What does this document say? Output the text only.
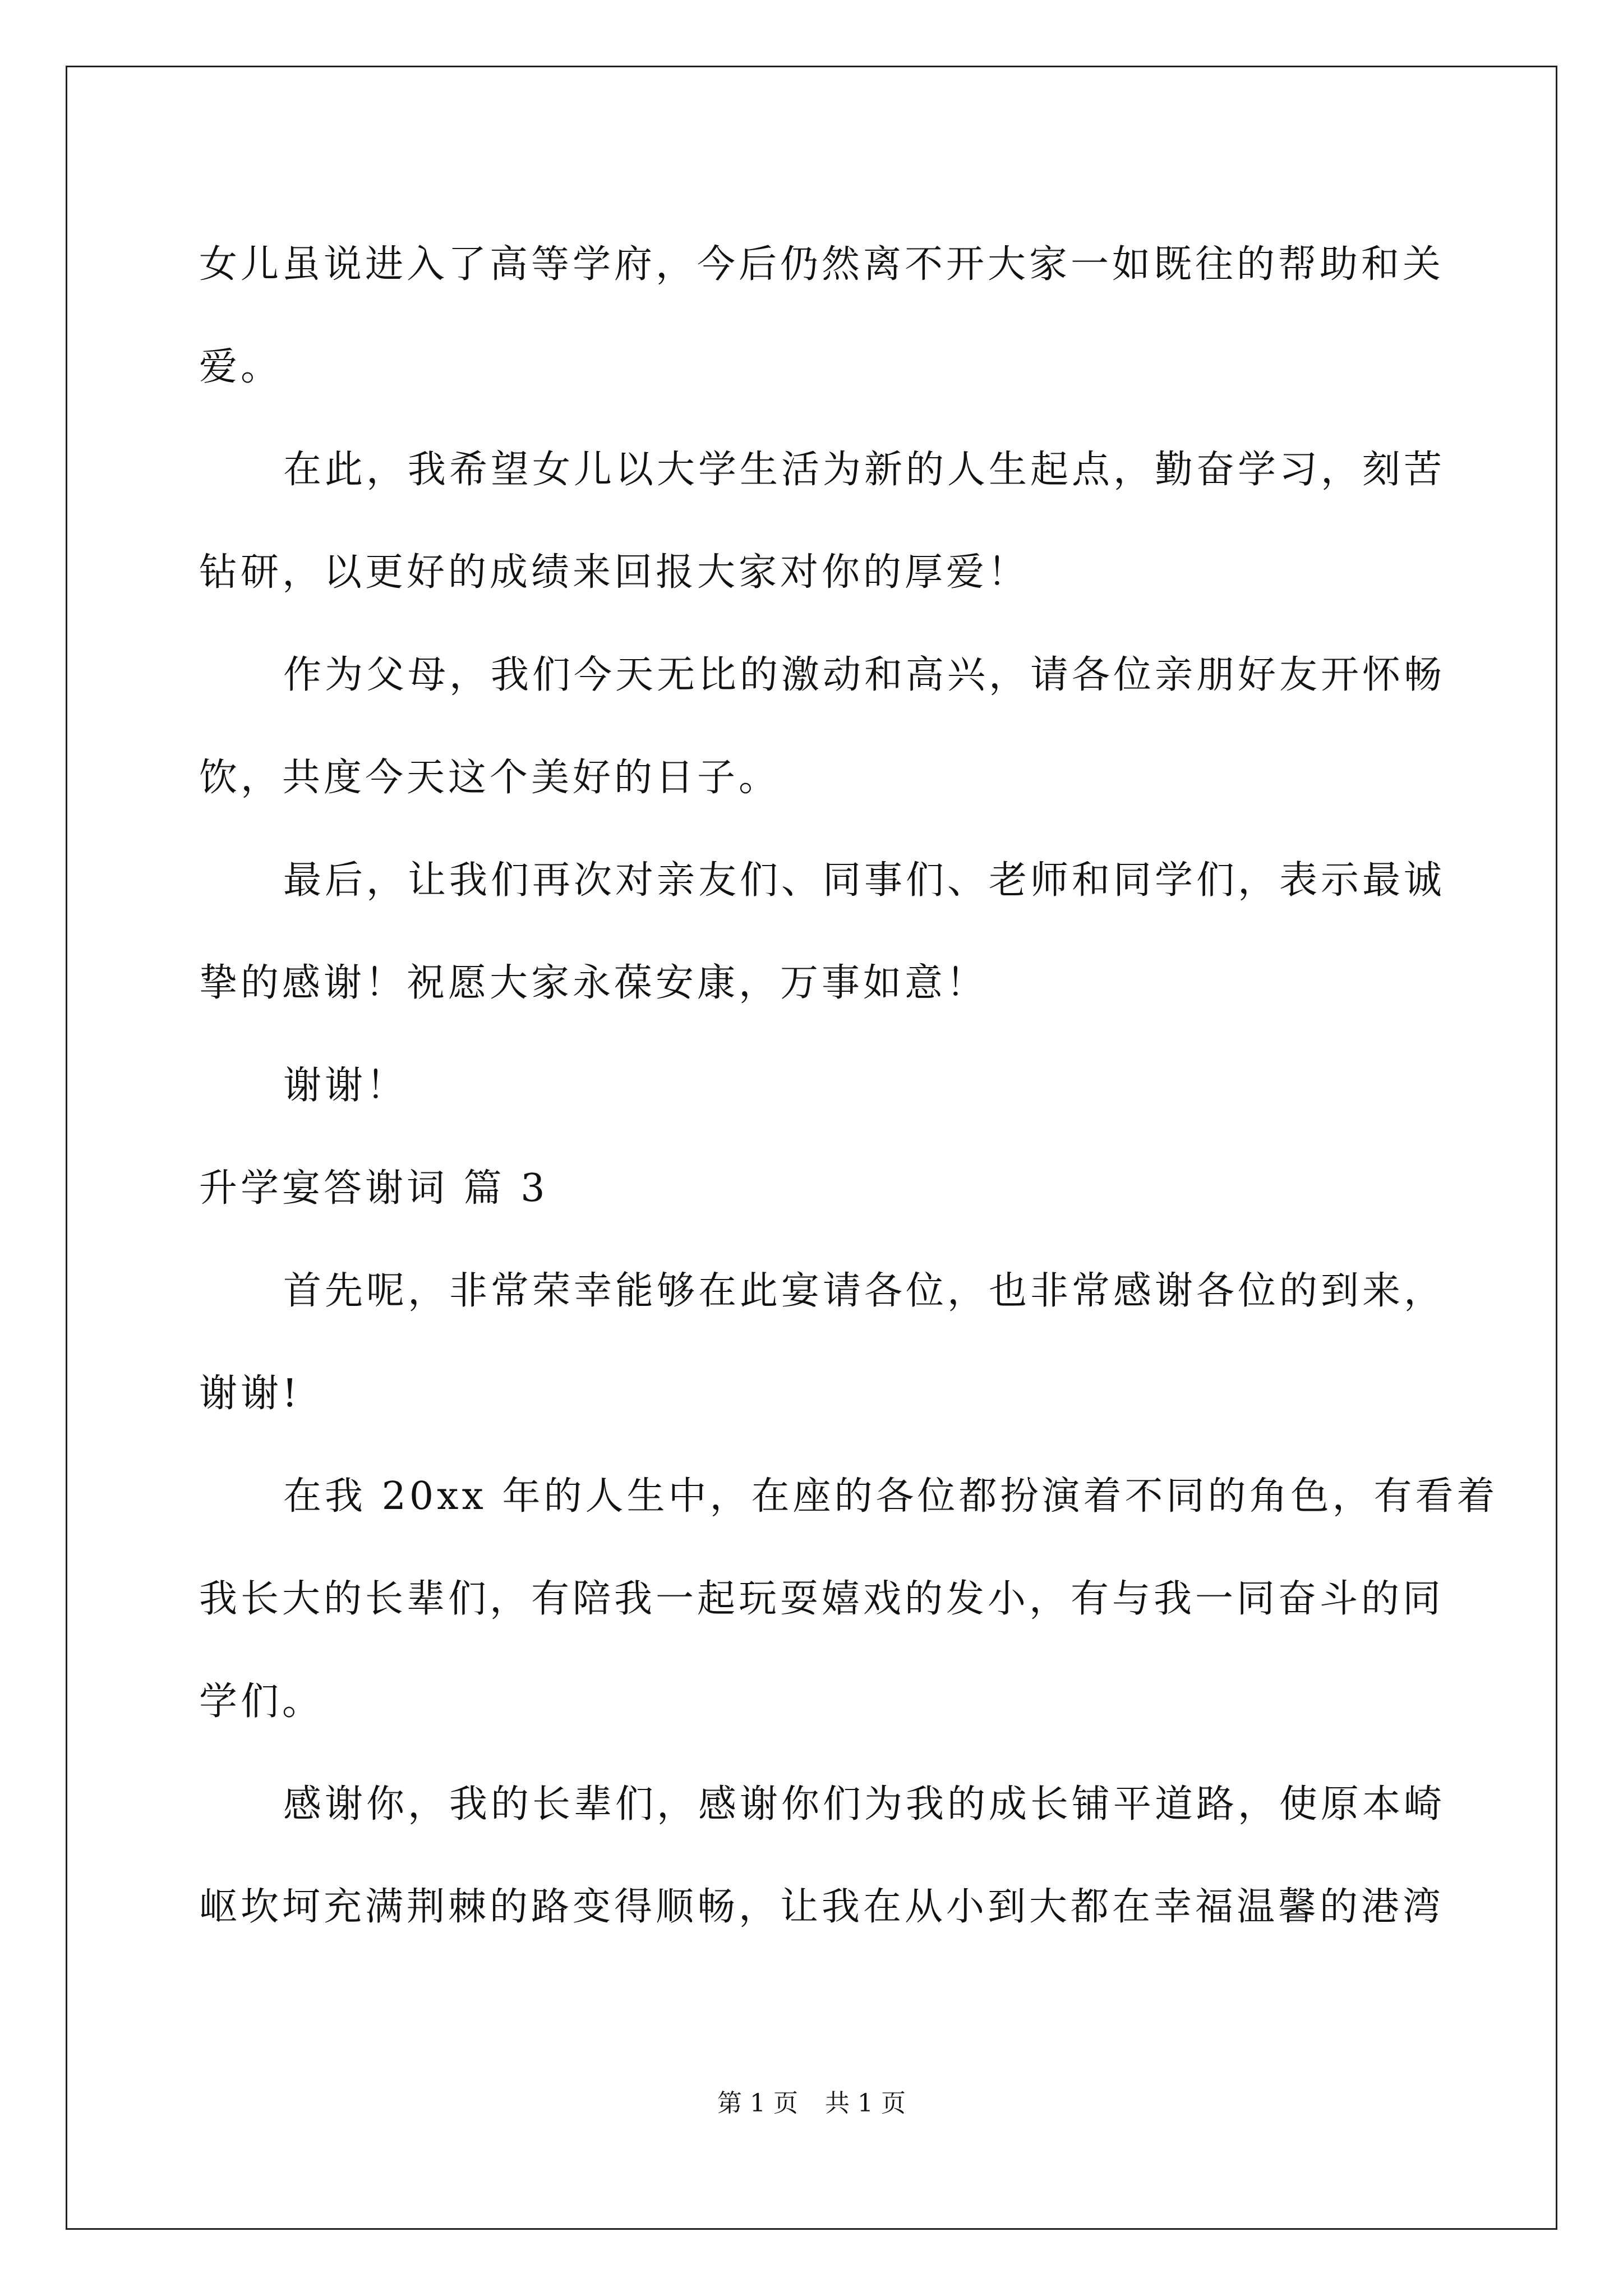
女儿虽说进入了高等学府，今后仍然离不开大家一如既往的帮助和关

爱。

在此，我希望女儿以大学生活为新的人生起点，勤奋学习，刻苦

钻研，以更好的成绩来回报大家对你的厚爱！

作为父母，我们今天无比的激动和高兴，请各位亲朋好友开怀畅

饮，共度今天这个美好的日子。

最后，让我们再次对亲友们、同事们、老师和同学们，表示最诚

挚的感谢！祝愿大家永葆安康，万事如意！

谢谢！

升学宴答谢词 篇 3

首先呢，非常荣幸能够在此宴请各位，也非常感谢各位的到来，

谢谢!

在我 20xx 年的人生中，在座的各位都扮演着不同的角色，有看着

我长大的长辈们，有陪我一起玩耍嬉戏的发小，有与我一同奋斗的同

学们。

感谢你，我的长辈们，感谢你们为我的成长铺平道路，使原本崎

岖坎坷充满荆棘的路变得顺畅，让我在从小到大都在幸福温馨的港湾

第 1 页 共 1 页
